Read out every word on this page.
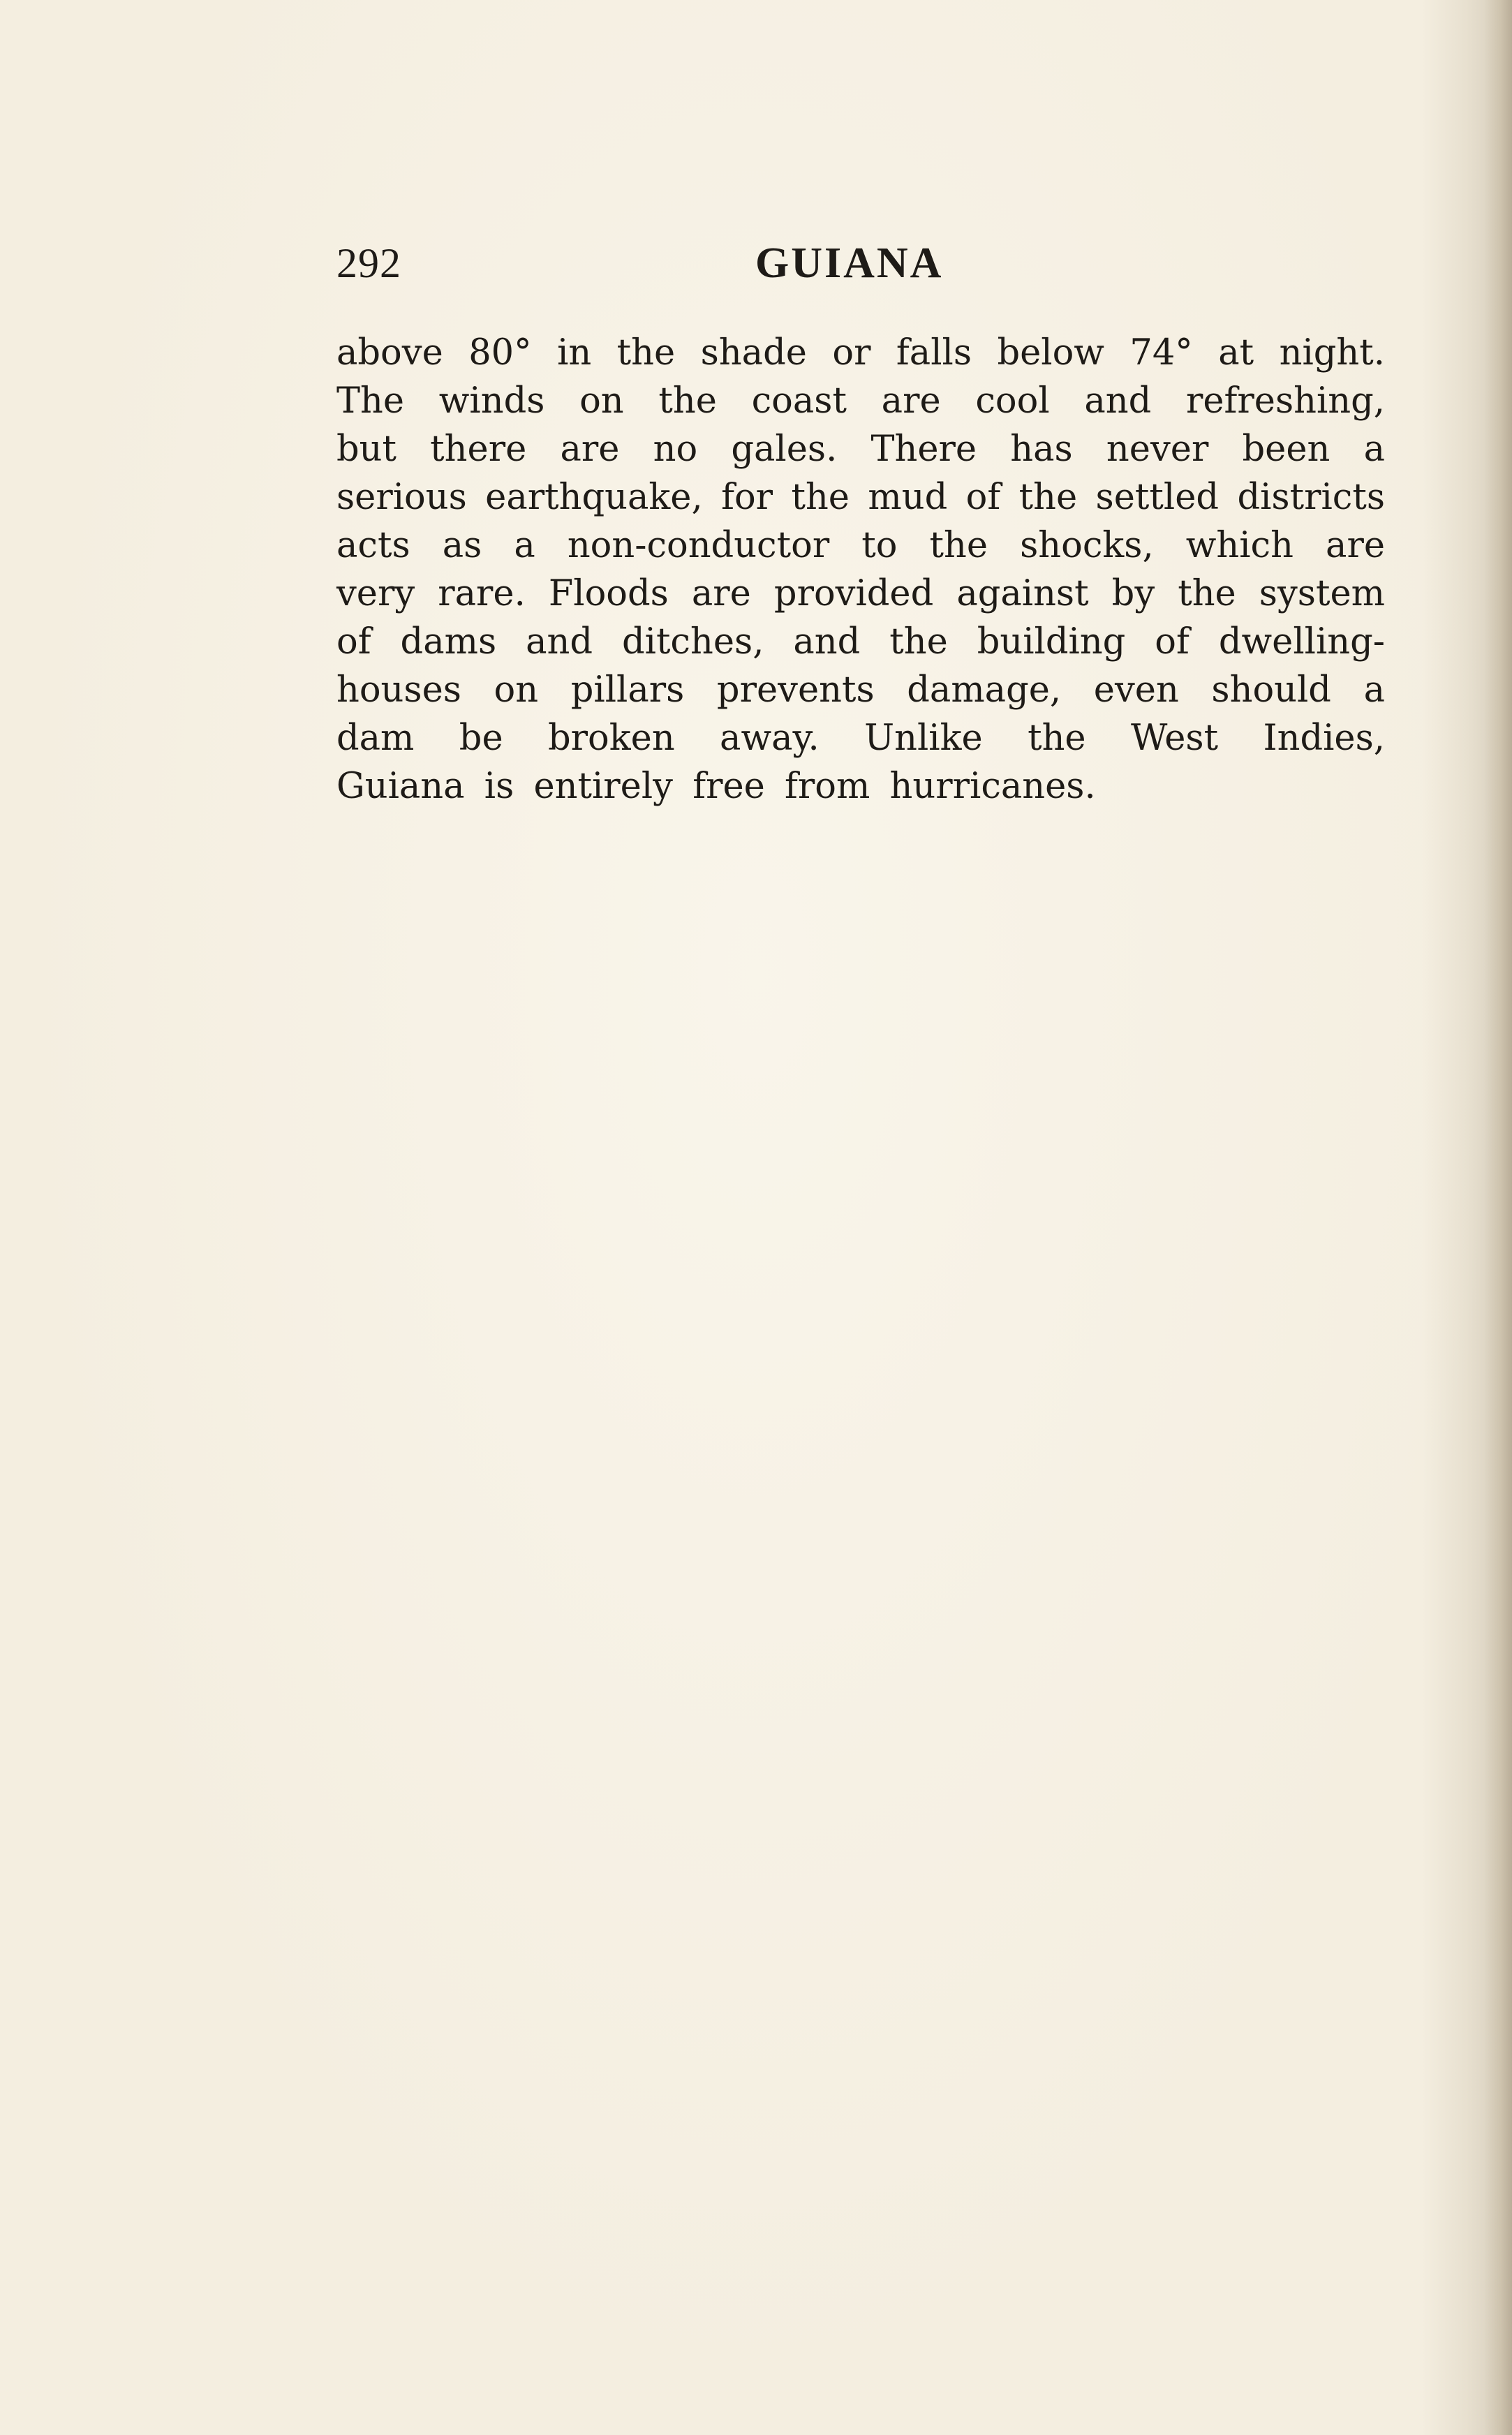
292	GUIANA
above 80° in the shade or falls below 74° at night.
The winds on the coast are cool and refreshing,
but there are no gales. There has never been a
serious earthquake, for the mud of the settled districts
acts as a non-conductor to the shocks, which are
very rare. Floods are provided against by the system
of dams and ditches, and the building of dwelling-
houses on pillars prevents damage, even should a
dam be broken away. Unlike the West Indies,
Guiana is entirely free from hurricanes.
